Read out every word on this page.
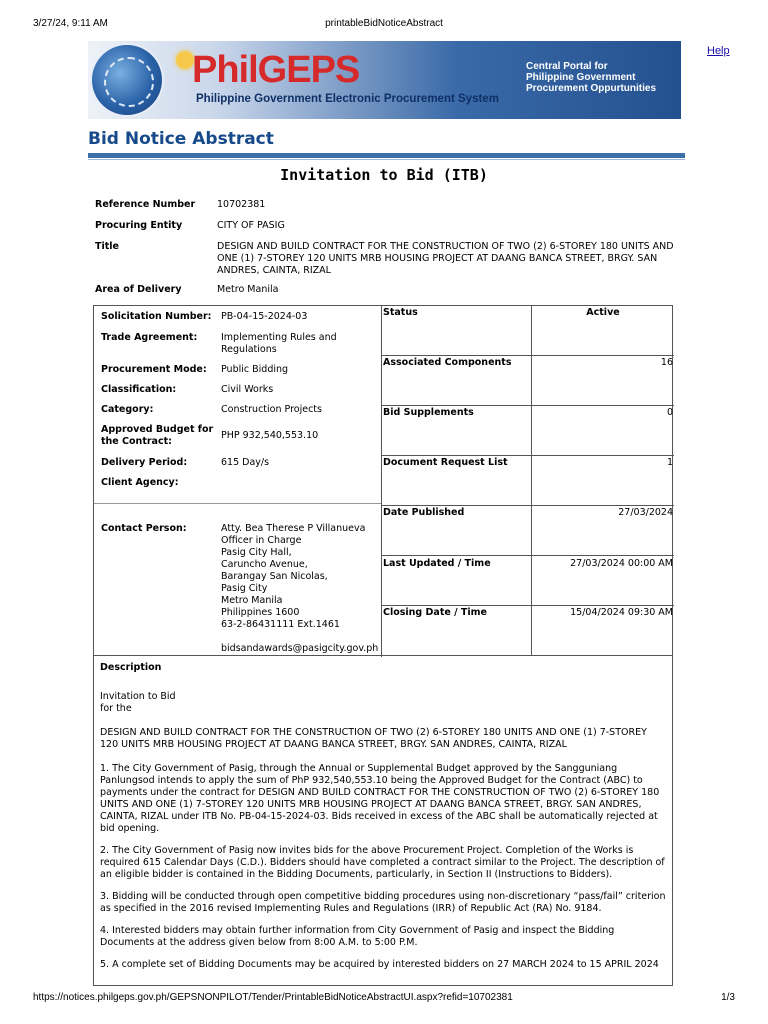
3/27/24, 9:11 AM	printableBidNoticeAbstract
PhilGEPS
Philippine Government Electronic Procurement System
Central Portal for
Philippine Government
Procurement Oppurtunities
Help
Bid Notice Abstract
Invitation to Bid (ITB)
Reference Number 10702381
Procuring Entity	CITY OF PASIG
Title	DESIGN AND BUILD CONTRACT FOR THE CONSTRUCTION OF TWO (2) 6-STOREY 180 UNITS AND ONE (1) 7-STOREY 120 UNITS MRB HOUSING PROJECT AT DAANG BANCA STREET, BRGY. SAN ANDRES, CAINTA, RIZAL
Area of Delivery	Metro Manila
Solicitation Number:	PB-04-15-2024-03
Trade Agreement:	Implementing Rules and Regulations
Procurement Mode:	Public Bidding
Classification:	Civil Works
Category:	Construction Projects
Approved Budget for the Contract:
PHP 932,540,553.10
Delivery Period:	615 Day/s
Client Agency:
Contact Person:	Atty. Bea Therese P Villanueva
Officer in Charge
Pasig City Hall, Caruncho Avenue,
Barangay San Nicolas,
Pasig City
Metro Manila
Philippines 1600
63-2-86431111 Ext.1461
bidsandawards@pasigcity.gov.ph
Status	Active
Associated Components	16
Bid Supplements	0
Document Request List	1
Date Published	27/03/2024
Last Updated / Time	27/03/2024 00:00 AM
Closing Date / Time	15/04/2024 09:30 AM
Description
Invitation to Bid
for the

DESIGN AND BUILD CONTRACT FOR THE CONSTRUCTION OF TWO (2) 6-STOREY 180 UNITS AND ONE (1) 7-STOREY 120 UNITS MRB HOUSING PROJECT AT DAANG BANCA STREET, BRGY. SAN ANDRES, CAINTA, RIZAL

1. The City Government of Pasig, through the Annual or Supplemental Budget approved by the Sangguniang Panlungsod intends to apply the sum of PhP 932,540,553.10 being the Approved Budget for the Contract (ABC) to payments under the contract for DESIGN AND BUILD CONTRACT FOR THE CONSTRUCTION OF TWO (2) 6-STOREY 180 UNITS AND ONE (1) 7-STOREY 120 UNITS MRB HOUSING PROJECT AT DAANG BANCA STREET, BRGY. SAN ANDRES, CAINTA, RIZAL under ITB No. PB-04-15-2024-03. Bids received in excess of the ABC shall be automatically rejected at bid opening.

2. The City Government of Pasig now invites bids for the above Procurement Project. Completion of the Works is required 615 Calendar Days (C.D.). Bidders should have completed a contract similar to the Project. The description of an eligible bidder is contained in the Bidding Documents, particularly, in Section II (Instructions to Bidders).

3. Bidding will be conducted through open competitive bidding procedures using non-discretionary “pass/fail” criterion as specified in the 2016 revised Implementing Rules and Regulations (IRR) of Republic Act (RA) No. 9184.

4. Interested bidders may obtain further information from City Government of Pasig and inspect the Bidding Documents at the address given below from 8:00 A.M. to 5:00 P.M.

5. A complete set of Bidding Documents may be acquired by interested bidders on 27 MARCH 2024 to 15 APRIL 2024

https://notices.philgeps.gov.ph/GEPSNONPILOT/Tender/PrintableBidNoticeAbstractUI.aspx?refid=10702381	1/3
